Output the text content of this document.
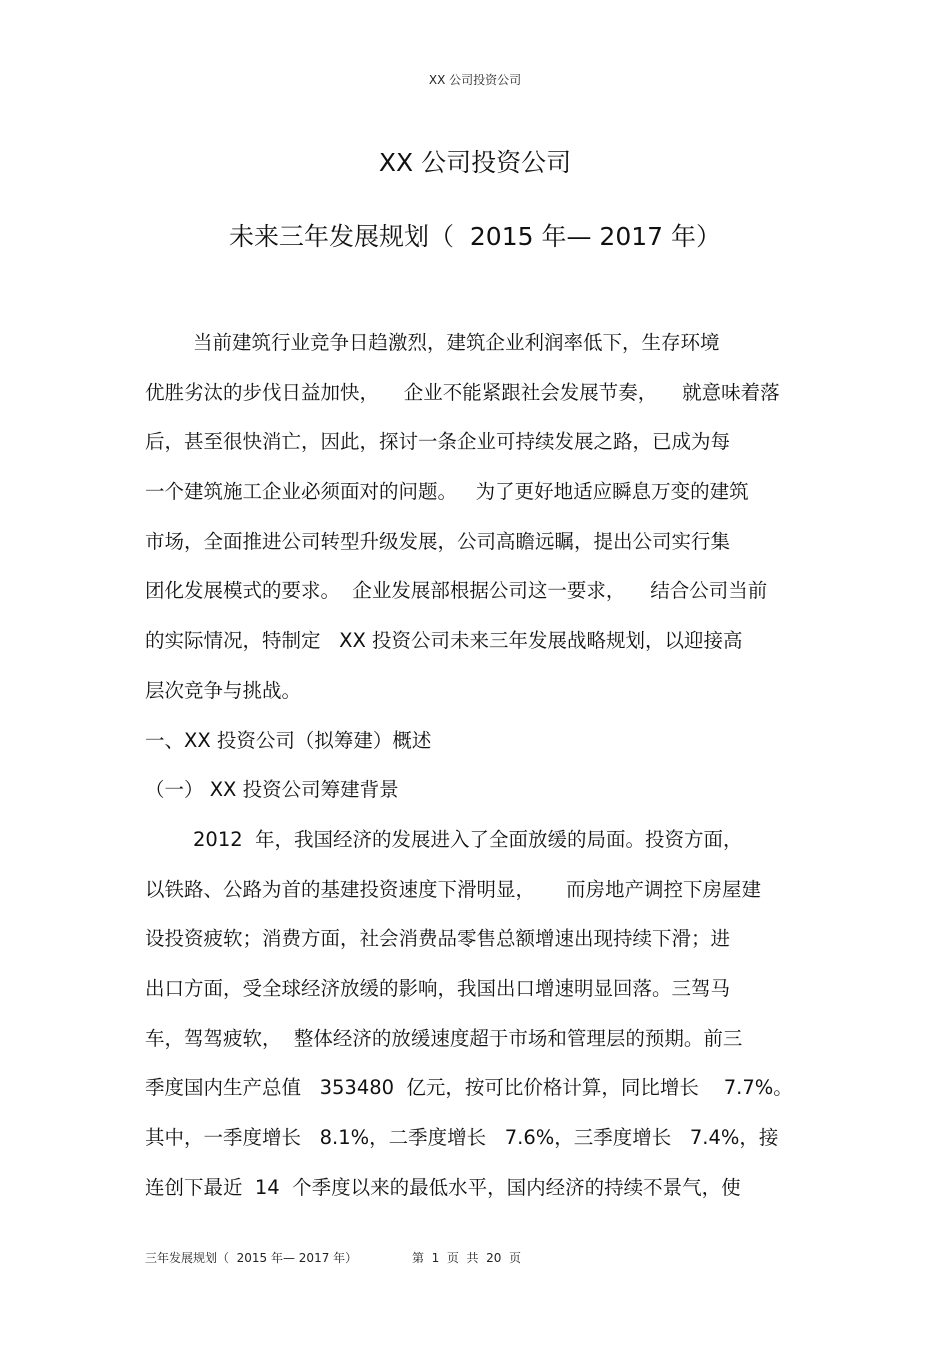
XX 公司投资公司
XX 公司投资公司
未来三年发展规划（  2015 年— 2017 年）
当前建筑行业竞争日趋激烈，建筑企业利润率低下，生存环境
优胜劣汰的步伐日益加快，    企业不能紧跟社会发展节奏，    就意味着落
后，甚至很快消亡，因此，探讨一条企业可持续发展之路，已成为每
一个建筑施工企业必须面对的问题。   为了更好地适应瞬息万变的建筑
市场，全面推进公司转型升级发展，公司高瞻远瞩，提出公司实行集
团化发展模式的要求。  企业发展部根据公司这一要求，    结合公司当前
的实际情况，特制定   XX 投资公司未来三年发展战略规划，以迎接高
层次竞争与挑战。
一、XX 投资公司（拟筹建）概述
（一） XX 投资公司筹建背景
2012  年，我国经济的发展进入了全面放缓的局面。投资方面，
以铁路、公路为首的基建投资速度下滑明显，     而房地产调控下房屋建
设投资疲软；消费方面，社会消费品零售总额增速出现持续下滑；进
出口方面，受全球经济放缓的影响，我国出口增速明显回落。三驾马
车，驾驾疲软，  整体经济的放缓速度超于市场和管理层的预期。前三
季度国内生产总值   353480  亿元，按可比价格计算，同比增长    7.7%。
其中，一季度增长   8.1%，二季度增长   7.6%，三季度增长   7.4%，接
连创下最近  14  个季度以来的最低水平，国内经济的持续不景气，使
三年发展规划（  2015 年— 2017 年）	第  1  页  共  20  页
